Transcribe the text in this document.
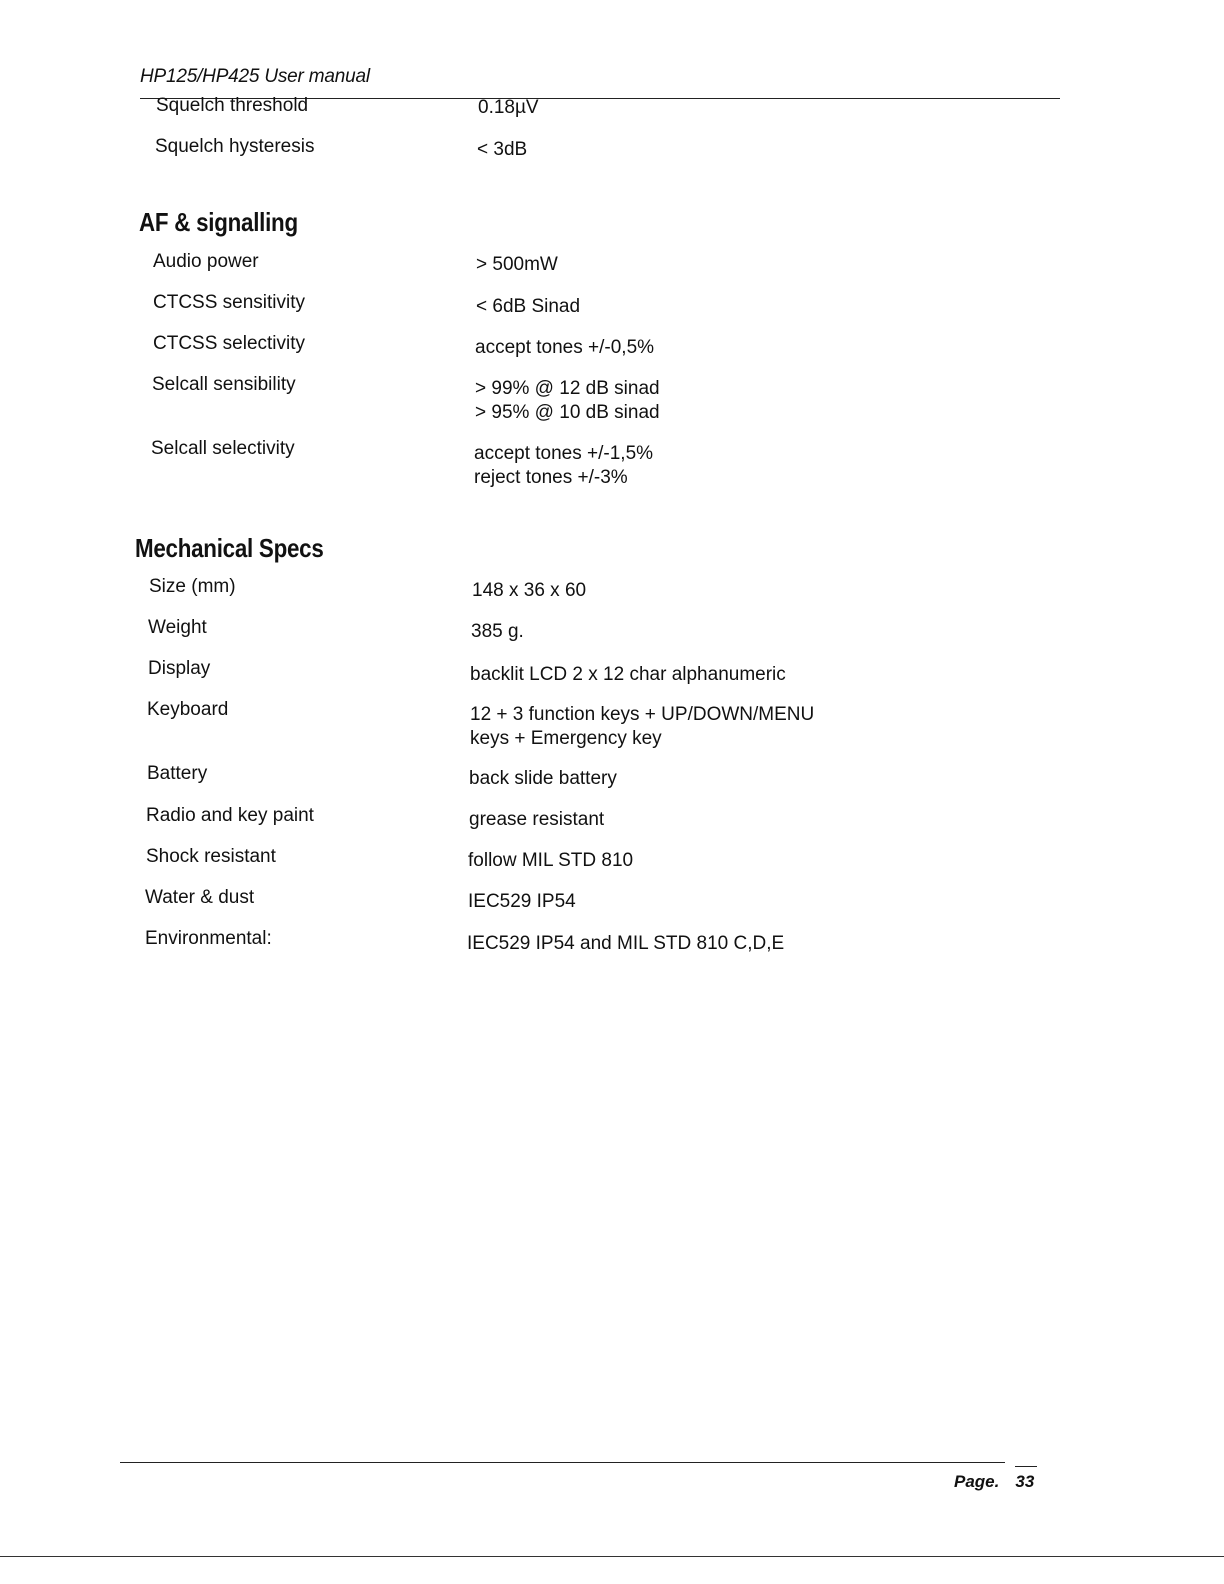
HP125/HP425 User manual
Squelch threshold	0.18µV
Squelch hysteresis	< 3dB
AF & signalling
Audio power	> 500mW
CTCSS sensitivity	< 6dB Sinad
CTCSS selectivity	accept tones +/-0,5%
Selcall sensibility	> 99% @ 12 dB sinad
> 95% @ 10 dB sinad
Selcall selectivity	accept tones +/-1,5%
reject tones +/-3%
Mechanical Specs
Size (mm)	148 x 36 x 60
Weight	385 g.
Display	backlit LCD 2 x 12 char alphanumeric
Keyboard	12 + 3 function keys + UP/DOWN/MENU
keys + Emergency key
Battery	back slide battery
Radio and key paint	grease resistant
Shock resistant	follow MIL STD 810
Water & dust	IEC529 IP54
Environmental:	IEC529 IP54 and MIL STD 810 C,D,E
Page. 33
